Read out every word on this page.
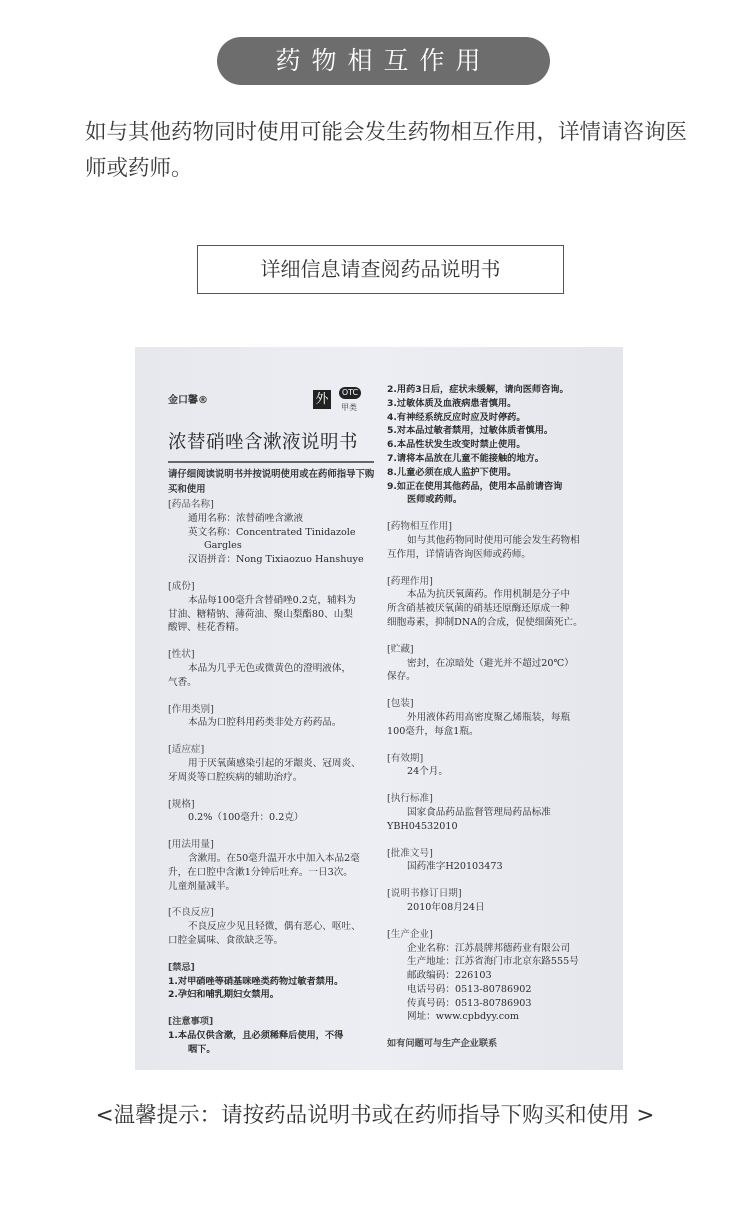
药物相互作用
如与其他药物同时使用可能会发生药物相互作用，详情请咨询医师或药师。
详细信息请查阅药品说明书
金口馨®	外	OTC
甲类
浓替硝唑含漱液说明书
请仔细阅读说明书并按说明使用或在药师指导下购买和使用
[药品名称]
通用名称：浓替硝唑含漱液
英文名称：Concentrated Tinidazole
Gargles
汉语拼音：Nong Tixiaozuo Hanshuye
[成份]
本品每100毫升含替硝唑0.2克，辅料为
甘油、糖精钠、薄荷油、聚山梨酯80、山梨
酸钾、桂花香精。
[性状]
本品为几乎无色或微黄色的澄明液体，
气香。
[作用类别]
本品为口腔科用药类非处方药药品。
[适应症]
用于厌氧菌感染引起的牙龈炎、冠周炎、
牙周炎等口腔疾病的辅助治疗。
[规格]
0.2%（100毫升：0.2克）
[用法用量]
含漱用。在50毫升温开水中加入本品2毫
升，在口腔中含漱1分钟后吐弃。一日3次。
儿童剂量减半。
[不良反应]
不良反应少见且轻微，偶有恶心、呕吐、
口腔金属味、食欲缺乏等。
[禁忌]
1.对甲硝唑等硝基咪唑类药物过敏者禁用。
2.孕妇和哺乳期妇女禁用。
[注意事项]
1.本品仅供含漱，且必须稀释后使用，不得
咽下。
2.用药3日后，症状未缓解，请向医师咨询。
3.过敏体质及血液病患者慎用。
4.有神经系统反应时应及时停药。
5.对本品过敏者禁用，过敏体质者慎用。
6.本品性状发生改变时禁止使用。
7.请将本品放在儿童不能接触的地方。
8.儿童必须在成人监护下使用。
9.如正在使用其他药品，使用本品前请咨询
医师或药师。
[药物相互作用]
如与其他药物同时使用可能会发生药物相
互作用，详情请咨询医师或药师。
[药理作用]
本品为抗厌氧菌药。作用机制是分子中
所含硝基被厌氧菌的硝基还原酶还原成一种
细胞毒素，抑制DNA的合成，促使细菌死亡。
[贮藏]
密封，在凉暗处（避光并不超过20℃）
保存。
[包装]
外用液体药用高密度聚乙烯瓶装，每瓶
100毫升，每盒1瓶。
[有效期]
24个月。
[执行标准]
国家食品药品监督管理局药品标准
YBH04532010
[批准文号]
国药准字H20103473
[说明书修订日期]
2010年08月24日
[生产企业]
企业名称：江苏晨牌邦德药业有限公司
生产地址：江苏省海门市北京东路555号
邮政编码：226103
电话号码：0513-80786902
传真号码：0513-80786903
网址：www.cpbdyy.com
如有问题可与生产企业联系
<温馨提示：请按药品说明书或在药师指导下购买和使用 >
